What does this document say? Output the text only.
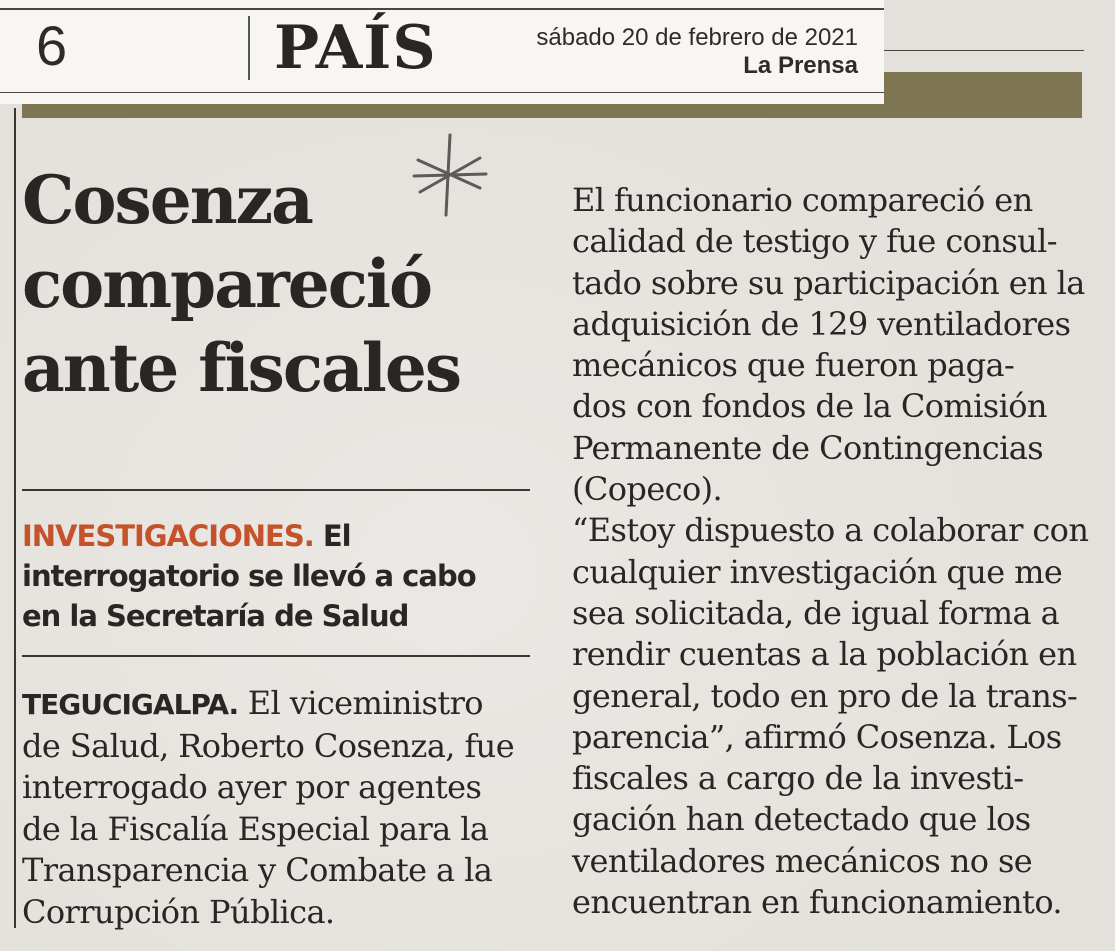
6	PAÍS	sábado 20 de febrero de 2021
La Prensa
Cosenza
compareció
ante fiscales
INVESTIGACIONES. El
interrogatorio se llevó a cabo
en la Secretaría de Salud
TEGUCIGALPA. El viceministro
de Salud, Roberto Cosenza, fue
interrogado ayer por agentes
de la Fiscalía Especial para la
Transparencia y Combate a la
Corrupción Pública.
El funcionario compareció en
calidad de testigo y fue consul-
tado sobre su participación en la
adquisición de 129 ventiladores
mecánicos que fueron paga-
dos con fondos de la Comisión
Permanente de Contingencias
(Copeco).
“Estoy dispuesto a colaborar con
cualquier investigación que me
sea solicitada, de igual forma a
rendir cuentas a la población en
general, todo en pro de la trans-
parencia”, afirmó Cosenza. Los
fiscales a cargo de la investi-
gación han detectado que los
ventiladores mecánicos no se
encuentran en funcionamiento.
